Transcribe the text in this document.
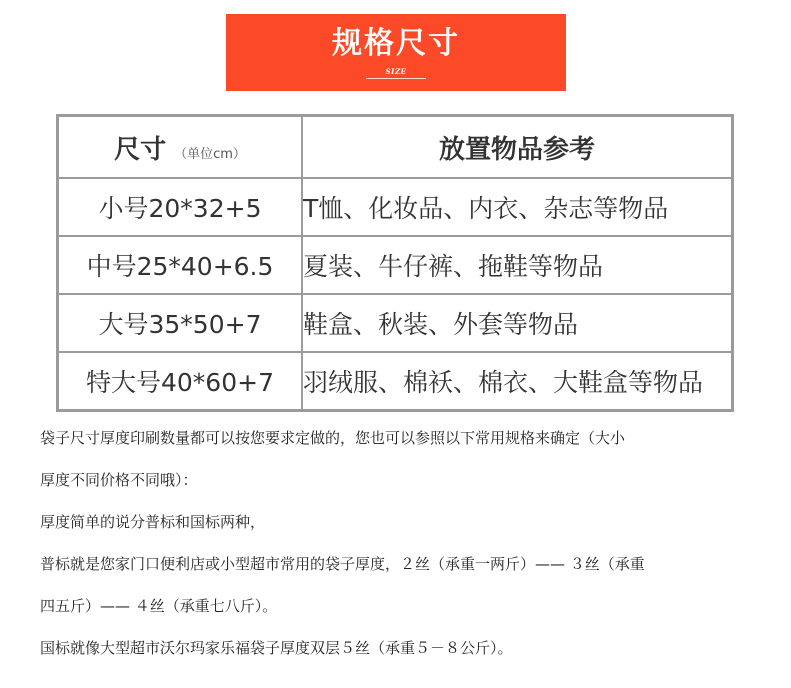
规格尺寸
SIZE
尺寸 （单位cm）	放置物品参考
小号20*32+5	T恤、化妆品、内衣、杂志等物品
中号25*40+6.5	夏装、牛仔裤、拖鞋等物品
大号35*50+7	鞋盒、秋装、外套等物品
特大号40*60+7	羽绒服、棉袄、棉衣、大鞋盒等物品
袋子尺寸厚度印刷数量都可以按您要求定做的，您也可以参照以下常用规格来确定（大小
厚度不同价格不同哦）：
厚度简单的说分普标和国标两种，
普标就是您家门口便利店或小型超市常用的袋子厚度，２丝（承重一两斤）—— ３丝（承重
四五斤）—— ４丝（承重七八斤）。
国标就像大型超市沃尔玛家乐福袋子厚度双层５丝（承重５－８公斤）。
